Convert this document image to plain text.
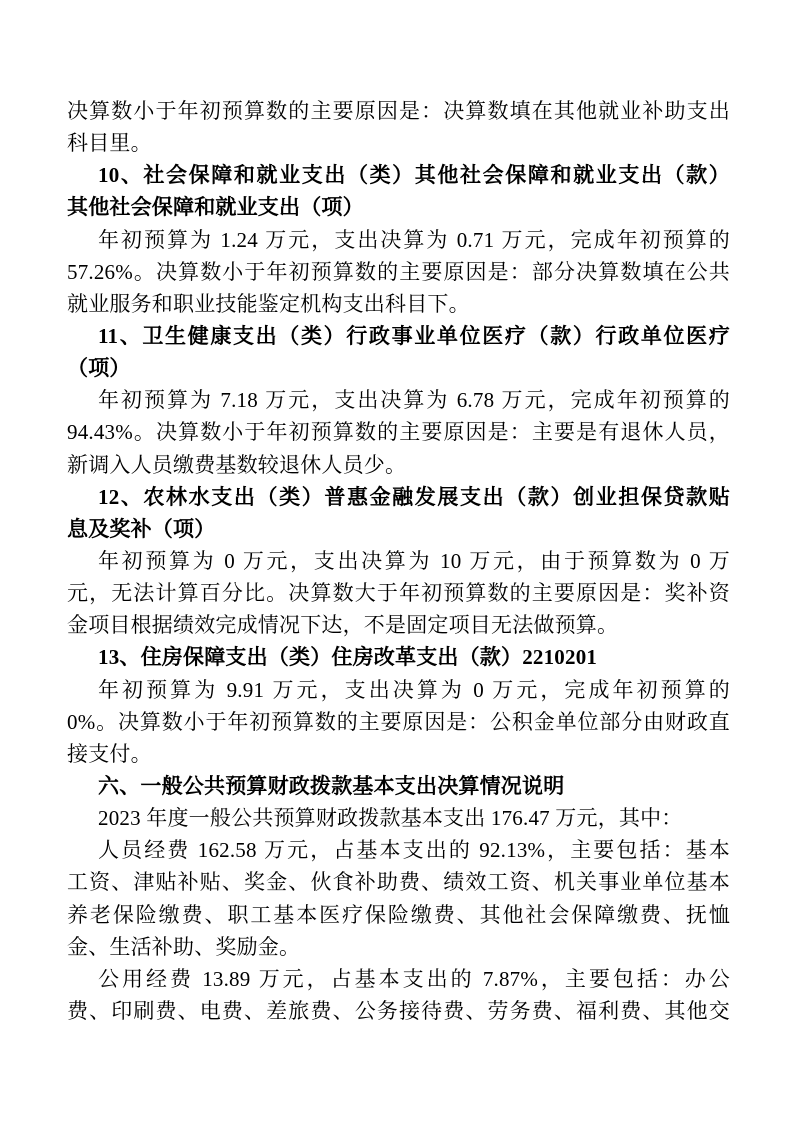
决算数小于年初预算数的主要原因是：决算数填在其他就业补助支出
科目里。
10、社会保障和就业支出（类）其他社会保障和就业支出（款）
其他社会保障和就业支出（项）
年初预算为 1.24 万元，支出决算为 0.71 万元，完成年初预算的
57.26%。决算数小于年初预算数的主要原因是：部分决算数填在公共
就业服务和职业技能鉴定机构支出科目下。
11、卫生健康支出（类）行政事业单位医疗（款）行政单位医疗
（项）
年初预算为 7.18 万元，支出决算为 6.78 万元，完成年初预算的
94.43%。决算数小于年初预算数的主要原因是：主要是有退休人员，
新调入人员缴费基数较退休人员少。
12、农林水支出（类）普惠金融发展支出（款）创业担保贷款贴
息及奖补（项）
年初预算为 0 万元，支出决算为 10 万元，由于预算数为 0 万
元，无法计算百分比。决算数大于年初预算数的主要原因是：奖补资
金项目根据绩效完成情况下达，不是固定项目无法做预算。
13、住房保障支出（类）住房改革支出（款）2210201
年初预算为 9.91 万元，支出决算为 0 万元，完成年初预算的
0%。决算数小于年初预算数的主要原因是：公积金单位部分由财政直
接支付。
六、一般公共预算财政拨款基本支出决算情况说明
2023 年度一般公共预算财政拨款基本支出 176.47 万元，其中：
人员经费 162.58 万元，占基本支出的 92.13%，主要包括：基本
工资、津贴补贴、奖金、伙食补助费、绩效工资、机关事业单位基本
养老保险缴费、职工基本医疗保险缴费、其他社会保障缴费、抚恤
金、生活补助、奖励金。
公用经费 13.89 万元，占基本支出的 7.87%，主要包括：办公
费、印刷费、电费、差旅费、公务接待费、劳务费、福利费、其他交
